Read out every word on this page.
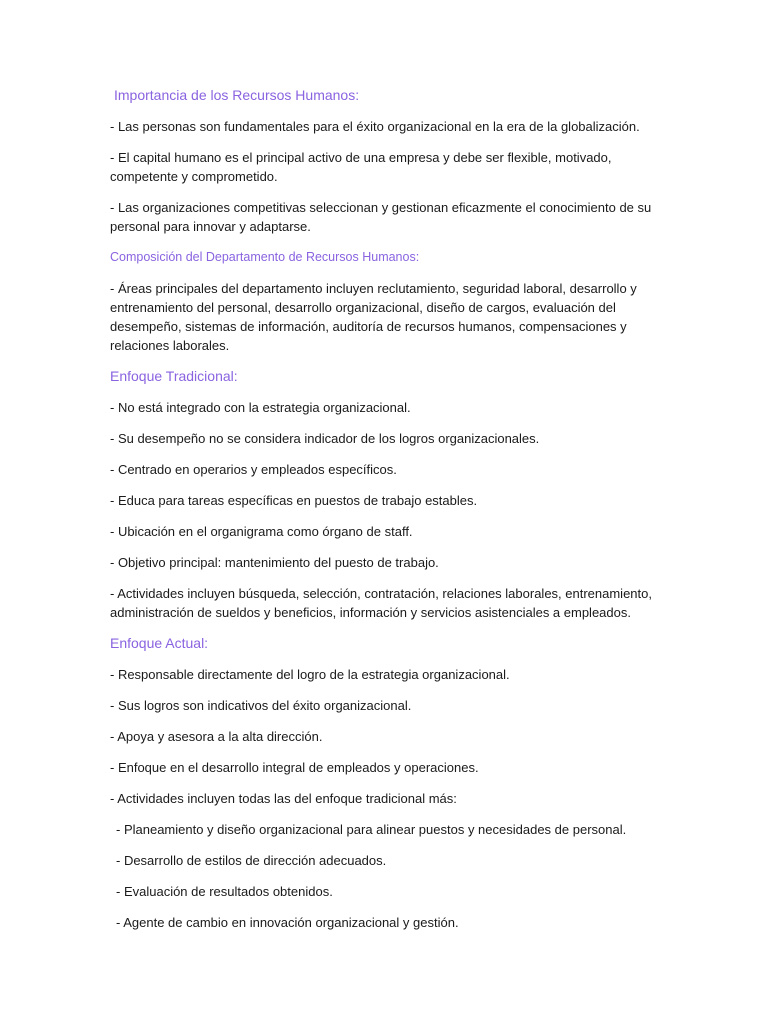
Importancia de los Recursos Humanos:

- Las personas son fundamentales para el éxito organizacional en la era de la globalización.

- El capital humano es el principal activo de una empresa y debe ser flexible, motivado, competente y comprometido.

- Las organizaciones competitivas seleccionan y gestionan eficazmente el conocimiento de su personal para innovar y adaptarse.

Composición del Departamento de Recursos Humanos:

- Áreas principales del departamento incluyen reclutamiento, seguridad laboral, desarrollo y entrenamiento del personal, desarrollo organizacional, diseño de cargos, evaluación del desempeño, sistemas de información, auditoría de recursos humanos, compensaciones y relaciones laborales.

Enfoque Tradicional:

- No está integrado con la estrategia organizacional.

- Su desempeño no se considera indicador de los logros organizacionales.

- Centrado en operarios y empleados específicos.

- Educa para tareas específicas en puestos de trabajo estables.

- Ubicación en el organigrama como órgano de staff.

- Objetivo principal: mantenimiento del puesto de trabajo.

- Actividades incluyen búsqueda, selección, contratación, relaciones laborales, entrenamiento, administración de sueldos y beneficios, información y servicios asistenciales a empleados.

Enfoque Actual:

- Responsable directamente del logro de la estrategia organizacional.

- Sus logros son indicativos del éxito organizacional.

- Apoya y asesora a la alta dirección.

- Enfoque en el desarrollo integral de empleados y operaciones.

- Actividades incluyen todas las del enfoque tradicional más:

- Planeamiento y diseño organizacional para alinear puestos y necesidades de personal.

- Desarrollo de estilos de dirección adecuados.

- Evaluación de resultados obtenidos.

- Agente de cambio en innovación organizacional y gestión.
